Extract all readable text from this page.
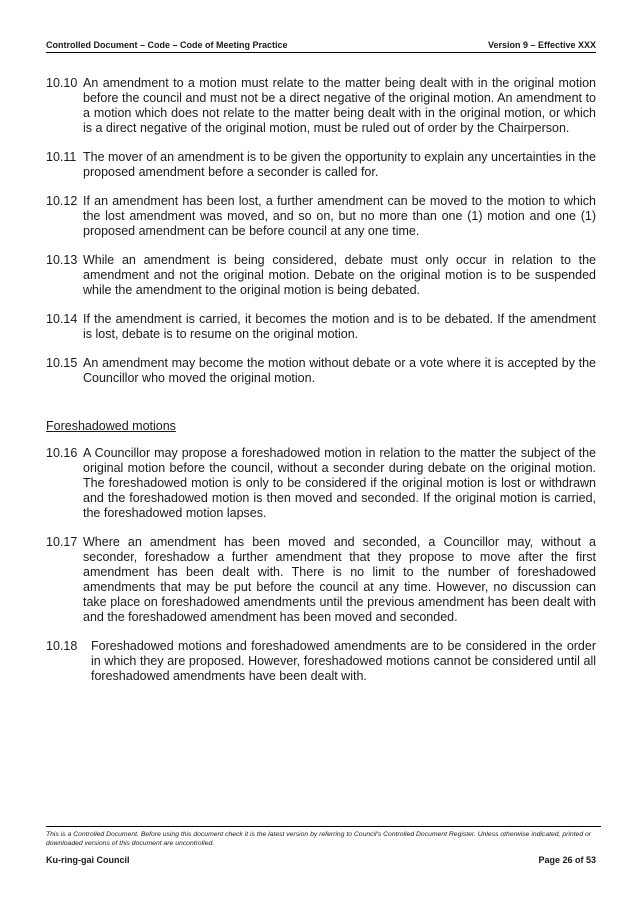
Controlled Document – Code – Code of Meeting Practice	Version 9 – Effective XXX
10.10 An amendment to a motion must relate to the matter being dealt with in the original motion before the council and must not be a direct negative of the original motion. An amendment to a motion which does not relate to the matter being dealt with in the original motion, or which is a direct negative of the original motion, must be ruled out of order by the Chairperson.
10.11 The mover of an amendment is to be given the opportunity to explain any uncertainties in the proposed amendment before a seconder is called for.
10.12 If an amendment has been lost, a further amendment can be moved to the motion to which the lost amendment was moved, and so on, but no more than one (1) motion and one (1) proposed amendment can be before council at any one time.
10.13 While an amendment is being considered, debate must only occur in relation to the amendment and not the original motion. Debate on the original motion is to be suspended while the amendment to the original motion is being debated.
10.14 If the amendment is carried, it becomes the motion and is to be debated. If the amendment is lost, debate is to resume on the original motion.
10.15 An amendment may become the motion without debate or a vote where it is accepted by the Councillor who moved the original motion.
Foreshadowed motions
10.16 A Councillor may propose a foreshadowed motion in relation to the matter the subject of the original motion before the council, without a seconder during debate on the original motion. The foreshadowed motion is only to be considered if the original motion is lost or withdrawn and the foreshadowed motion is then moved and seconded. If the original motion is carried, the foreshadowed motion lapses.
10.17 Where an amendment has been moved and seconded, a Councillor may, without a seconder, foreshadow a further amendment that they propose to move after the first amendment has been dealt with. There is no limit to the number of foreshadowed amendments that may be put before the council at any time. However, no discussion can take place on foreshadowed amendments until the previous amendment has been dealt with and the foreshadowed amendment has been moved and seconded.
10.18	Foreshadowed motions and foreshadowed amendments are to be considered in the order in which they are proposed. However, foreshadowed motions cannot be considered until all foreshadowed amendments have been dealt with.
This is a Controlled Document. Before using this document check it is the latest version by referring to Council's Controlled Document Register. Unless otherwise indicated, printed or downloaded versions of this document are uncontrolled.
Ku-ring-gai Council	Page 26 of 53
